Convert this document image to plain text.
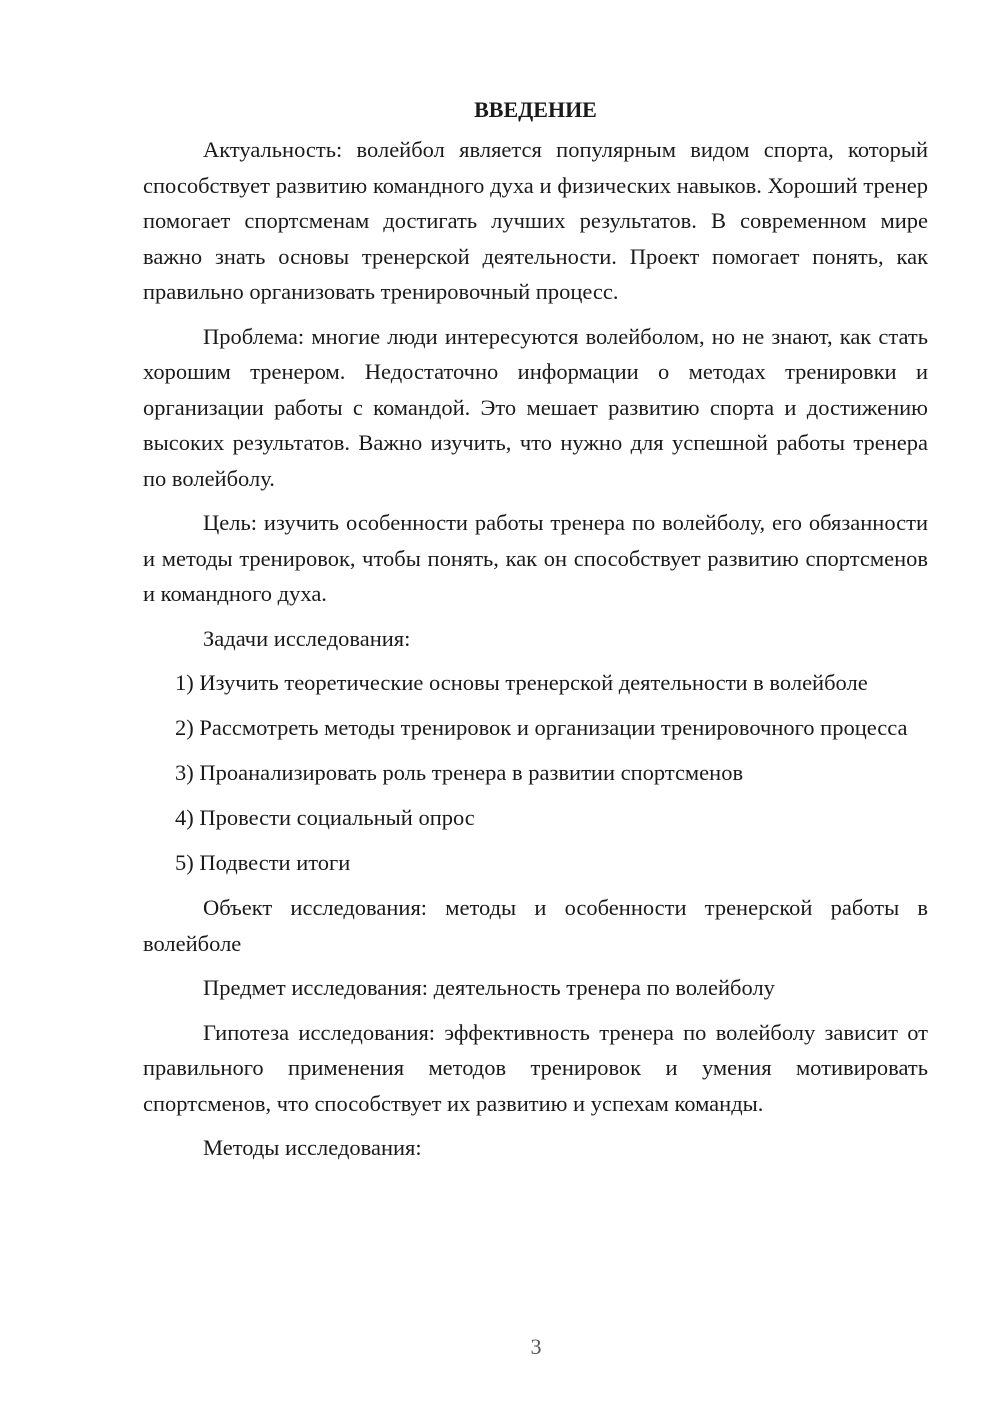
ВВЕДЕНИЕ

Актуальность: волейбол является популярным видом спорта, который способствует развитию командного духа и физических навыков. Хороший тренер помогает спортсменам достигать лучших результатов. В современном мире важно знать основы тренерской деятельности. Проект помогает понять, как правильно организовать тренировочный процесс.

Проблема: многие люди интересуются волейболом, но не знают, как стать хорошим тренером. Недостаточно информации о методах тренировки и организации работы с командой. Это мешает развитию спорта и достижению высоких результатов. Важно изучить, что нужно для успешной работы тренера по волейболу.

Цель: изучить особенности работы тренера по волейболу, его обязанности и методы тренировок, чтобы понять, как он способствует развитию спортсменов и командного духа.

Задачи исследования:

1) Изучить теоретические основы тренерской деятельности в волейболе

2) Рассмотреть методы тренировок и организации тренировочного процесса

3) Проанализировать роль тренера в развитии спортсменов

4) Провести социальный опрос

5) Подвести итоги

Объект исследования: методы и особенности тренерской работы в волейболе

Предмет исследования: деятельность тренера по волейболу

Гипотеза исследования: эффективность тренера по волейболу зависит от правильного применения методов тренировок и умения мотивировать спортсменов, что способствует их развитию и успехам команды.

Методы исследования:

3
